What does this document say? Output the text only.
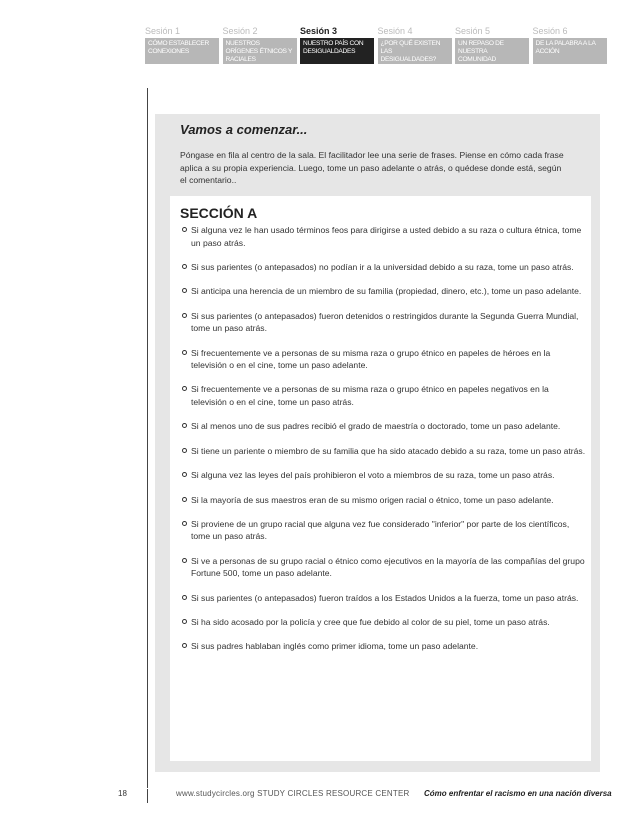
Sesión 1
CÓMO ESTABLECER CONEXIONES
Sesión 2
NUESTROS ORÍGENES ÉTNICOS Y RACIALES
Sesión 3
NUESTRO PAÍS CON DESIGUALDADES
Sesión 4
¿POR QUÉ EXISTEN LAS DESIGUALDADES?
Sesión 5
UN REPASO DE NUESTRA COMUNIDAD
Sesión 6
DE LA PALABRA A LA ACCIÓN
Vamos a comenzar...
Póngase en fila al centro de la sala. El facilitador lee una serie de frases. Piense en cómo cada frase aplica a su propia experiencia. Luego, tome un paso adelante o atrás, o quédese donde está, según el comentario..
SECCIÓN A
Si alguna vez le han usado términos feos para dirigirse a usted debido a su raza o cultura étnica, tome un paso atrás.
Si sus parientes (o antepasados) no podían ir a la universidad debido a su raza, tome un paso atrás.
Si anticipa una herencia de un miembro de su familia (propiedad, dinero, etc.), tome un paso adelante.
Si sus parientes (o antepasados) fueron detenidos o restringidos durante la Segunda Guerra Mundial, tome un paso atrás.
Si frecuentemente ve a personas de su misma raza o grupo étnico en papeles de héroes en la televisión o en el cine, tome un paso adelante.
Si frecuentemente ve a personas de su misma raza o grupo étnico en papeles negativos en la televisión o en el cine, tome un paso atrás.
Si al menos uno de sus padres recibió el grado de maestría o doctorado, tome un paso adelante.
Si tiene un pariente o miembro de su familia que ha sido atacado debido a su raza, tome un paso atrás.
Si alguna vez las leyes del país prohibieron el voto a miembros de su raza, tome un paso atrás.
Si la mayoría de sus maestros eran de su mismo origen racial o étnico, tome un paso adelante.
Si proviene de un grupo racial que alguna vez fue considerado "inferior" por parte de los científicos, tome un paso atrás.
Si ve a personas de su grupo racial o étnico como ejecutivos en la mayoría de las compañías del grupo Fortune 500, tome un paso adelante.
Si sus parientes (o antepasados) fueron traídos a los Estados Unidos a la fuerza, tome un paso atrás.
Si ha sido acosado por la policía y cree que fue debido al color de su piel, tome un paso atrás.
Si sus padres hablaban inglés como primer idioma, tome un paso adelante.
18	www.studycircles.org STUDY CIRCLES RESOURCE CENTER Cómo enfrentar el racismo en una nación diversa
